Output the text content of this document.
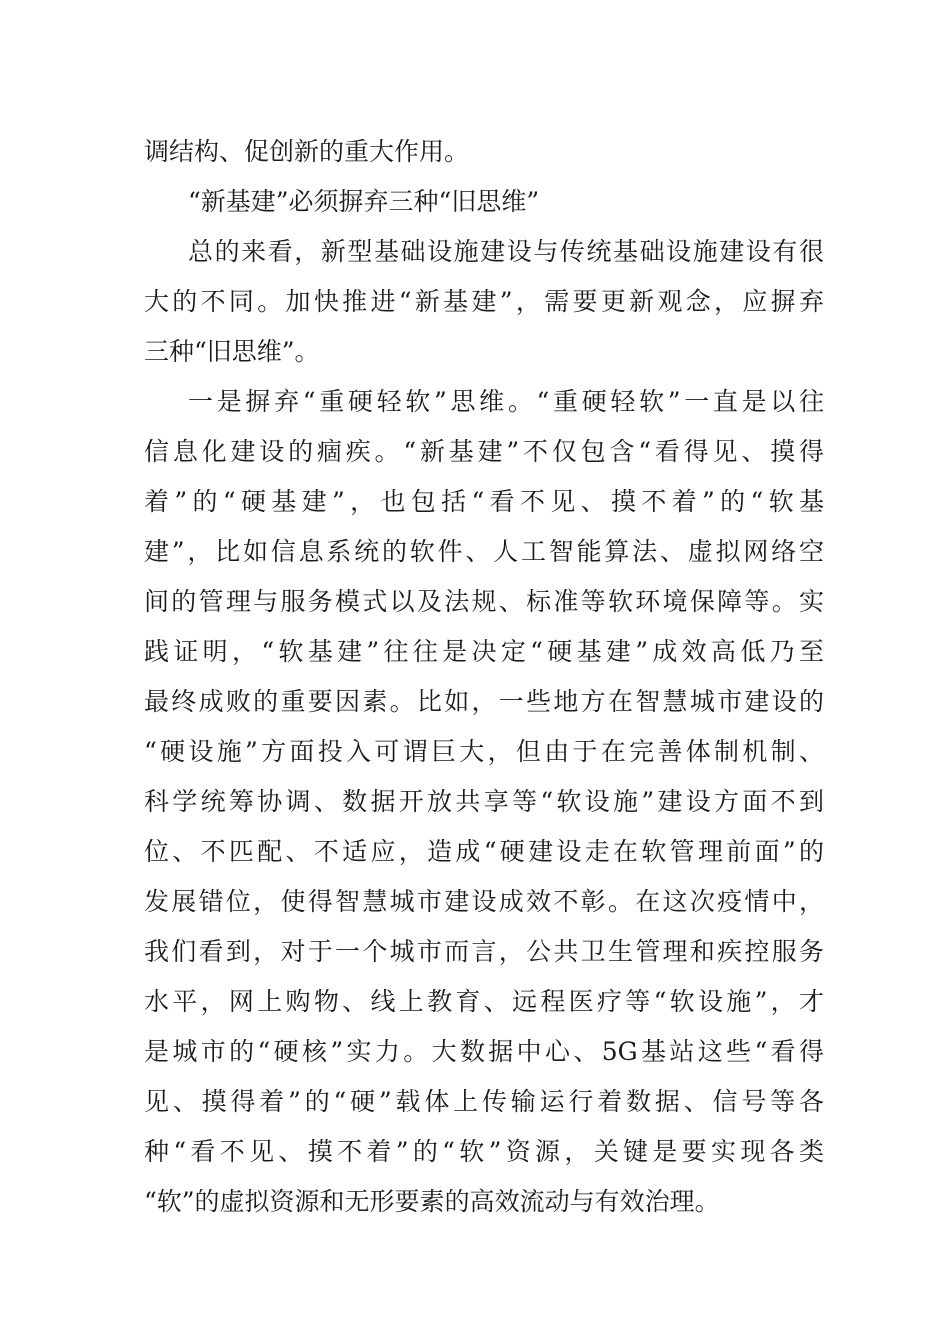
调结构、促创新的重大作用。
“新基建”必须摒弃三种“旧思维”
总的来看，新型基础设施建设与传统基础设施建设有很
大的不同。加快推进“新基建”，需要更新观念，应摒弃
三种“旧思维”。
一是摒弃“重硬轻软”思维。“重硬轻软”一直是以往
信息化建设的痼疾。“新基建”不仅包含“看得见、摸得
着”的“硬基建”，也包括“看不见、摸不着”的“软基
建”，比如信息系统的软件、人工智能算法、虚拟网络空
间的管理与服务模式以及法规、标准等软环境保障等。实
践证明，“软基建”往往是决定“硬基建”成效高低乃至
最终成败的重要因素。比如，一些地方在智慧城市建设的
“硬设施”方面投入可谓巨大，但由于在完善体制机制、
科学统筹协调、数据开放共享等“软设施”建设方面不到
位、不匹配、不适应，造成“硬建设走在软管理前面”的
发展错位，使得智慧城市建设成效不彰。在这次疫情中，
我们看到，对于一个城市而言，公共卫生管理和疾控服务
水平，网上购物、线上教育、远程医疗等“软设施”，才
是城市的“硬核”实力。大数据中心、5G基站这些“看得
见、摸得着”的“硬”载体上传输运行着数据、信号等各
种“看不见、摸不着”的“软”资源，关键是要实现各类
“软”的虚拟资源和无形要素的高效流动与有效治理。
